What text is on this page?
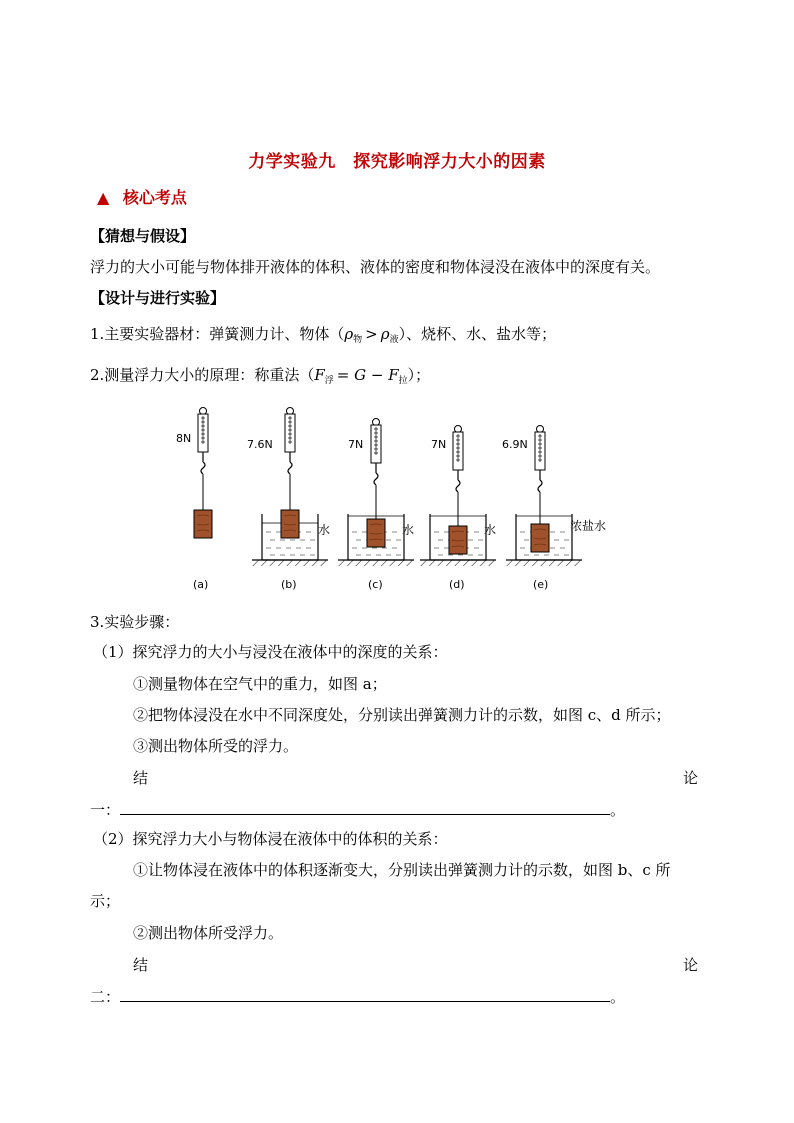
力学实验九　探究影响浮力大小的因素
▲ 核心考点
【猜想与假设】
浮力的大小可能与物体排开液体的体积、液体的密度和物体浸没在液体中的深度有关。
【设计与进行实验】
1.主要实验器材：弹簧测力计、物体$(\rho_物 > \rho_液)$、烧杯、水、盐水等；
2.测量浮力大小的原理：称重法$(F_浮 = G - F_拉)$；
8N
(a)
7.6N
水
(b)
7N
水
(c)
7N
水
(d)
6.9N
浓盐水
(e)
3.实验步骤：
（1）探究浮力的大小与浸没在液体中的深度的关系：
①测量物体在空气中的重力，如图 a；
②把物体浸没在水中不同深度处，分别读出弹簧测力计的示数，如图 c、d 所示；
③测出物体所受的浮力。
结	论
一：	。
（2）探究浮力大小与物体浸在液体中的体积的关系：
①让物体浸在液体中的体积逐渐变大，分别读出弹簧测力计的示数，如图 b、c 所
示；
②测出物体所受浮力。
结	论
二：	。
